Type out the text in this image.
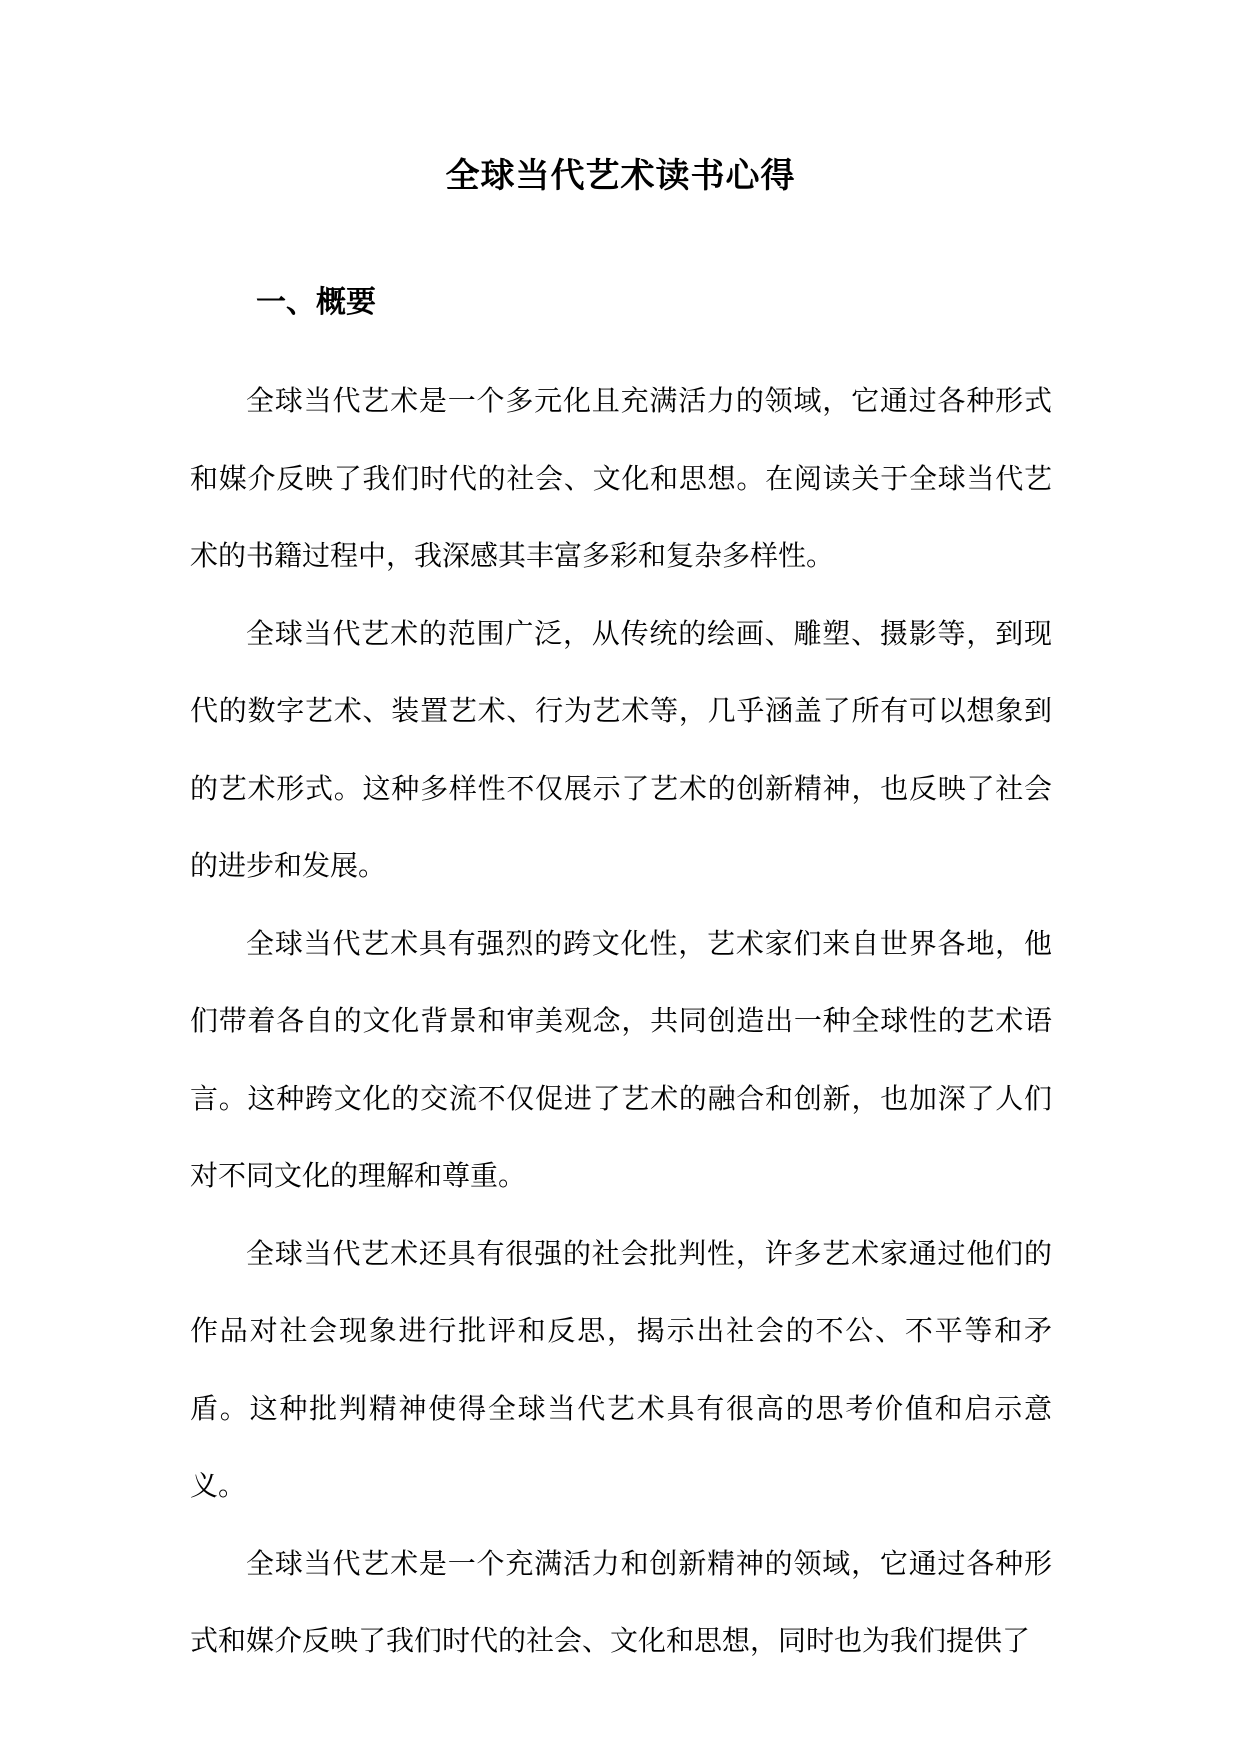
全球当代艺术读书心得
一、概要

全球当代艺术是一个多元化且充满活力的领域，它通过各种形式和媒介反映了我们时代的社会、文化和思想。在阅读关于全球当代艺术的书籍过程中，我深感其丰富多彩和复杂多样性。

全球当代艺术的范围广泛，从传统的绘画、雕塑、摄影等，到现代的数字艺术、装置艺术、行为艺术等，几乎涵盖了所有可以想象到的艺术形式。这种多样性不仅展示了艺术的创新精神，也反映了社会的进步和发展。

全球当代艺术具有强烈的跨文化性，艺术家们来自世界各地，他们带着各自的文化背景和审美观念，共同创造出一种全球性的艺术语言。这种跨文化的交流不仅促进了艺术的融合和创新，也加深了人们对不同文化的理解和尊重。

全球当代艺术还具有很强的社会批判性，许多艺术家通过他们的作品对社会现象进行批评和反思，揭示出社会的不公、不平等和矛盾。这种批判精神使得全球当代艺术具有很高的思考价值和启示意义。

全球当代艺术是一个充满活力和创新精神的领域，它通过各种形式和媒介反映了我们时代的社会、文化和思想，同时也为我们提供了
